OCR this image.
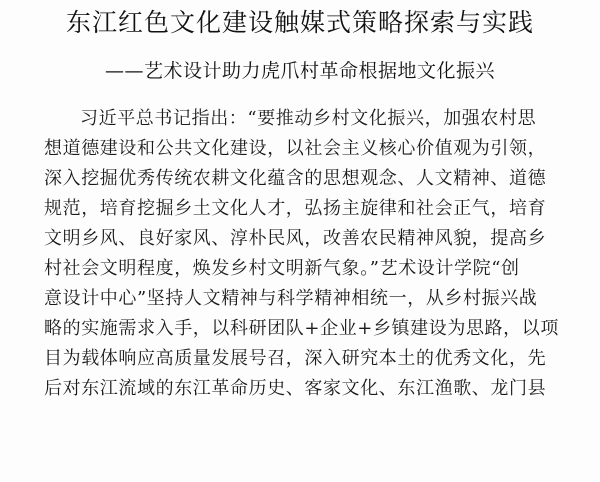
东江红色文化建设触媒式策略探索与实践
——艺术设计助力虎爪村革命根据地文化振兴
习近平总书记指出：“要推动乡村文化振兴，加强农村思
想道德建设和公共文化建设，以社会主义核心价值观为引领，
深入挖掘优秀传统农耕文化蕴含的思想观念、人文精神、道德
规范，培育挖掘乡土文化人才，弘扬主旋律和社会正气，培育
文明乡风、良好家风、淳朴民风，改善农民精神风貌，提高乡
村社会文明程度，焕发乡村文明新气象。”艺术设计学院“创
意设计中心”坚持人文精神与科学精神相统一，从乡村振兴战
略的实施需求入手，以科研团队+企业+乡镇建设为思路，以项
目为载体响应高质量发展号召，深入研究本土的优秀文化，先
后对东江流域的东江革命历史、客家文化、东江渔歌、龙门县
